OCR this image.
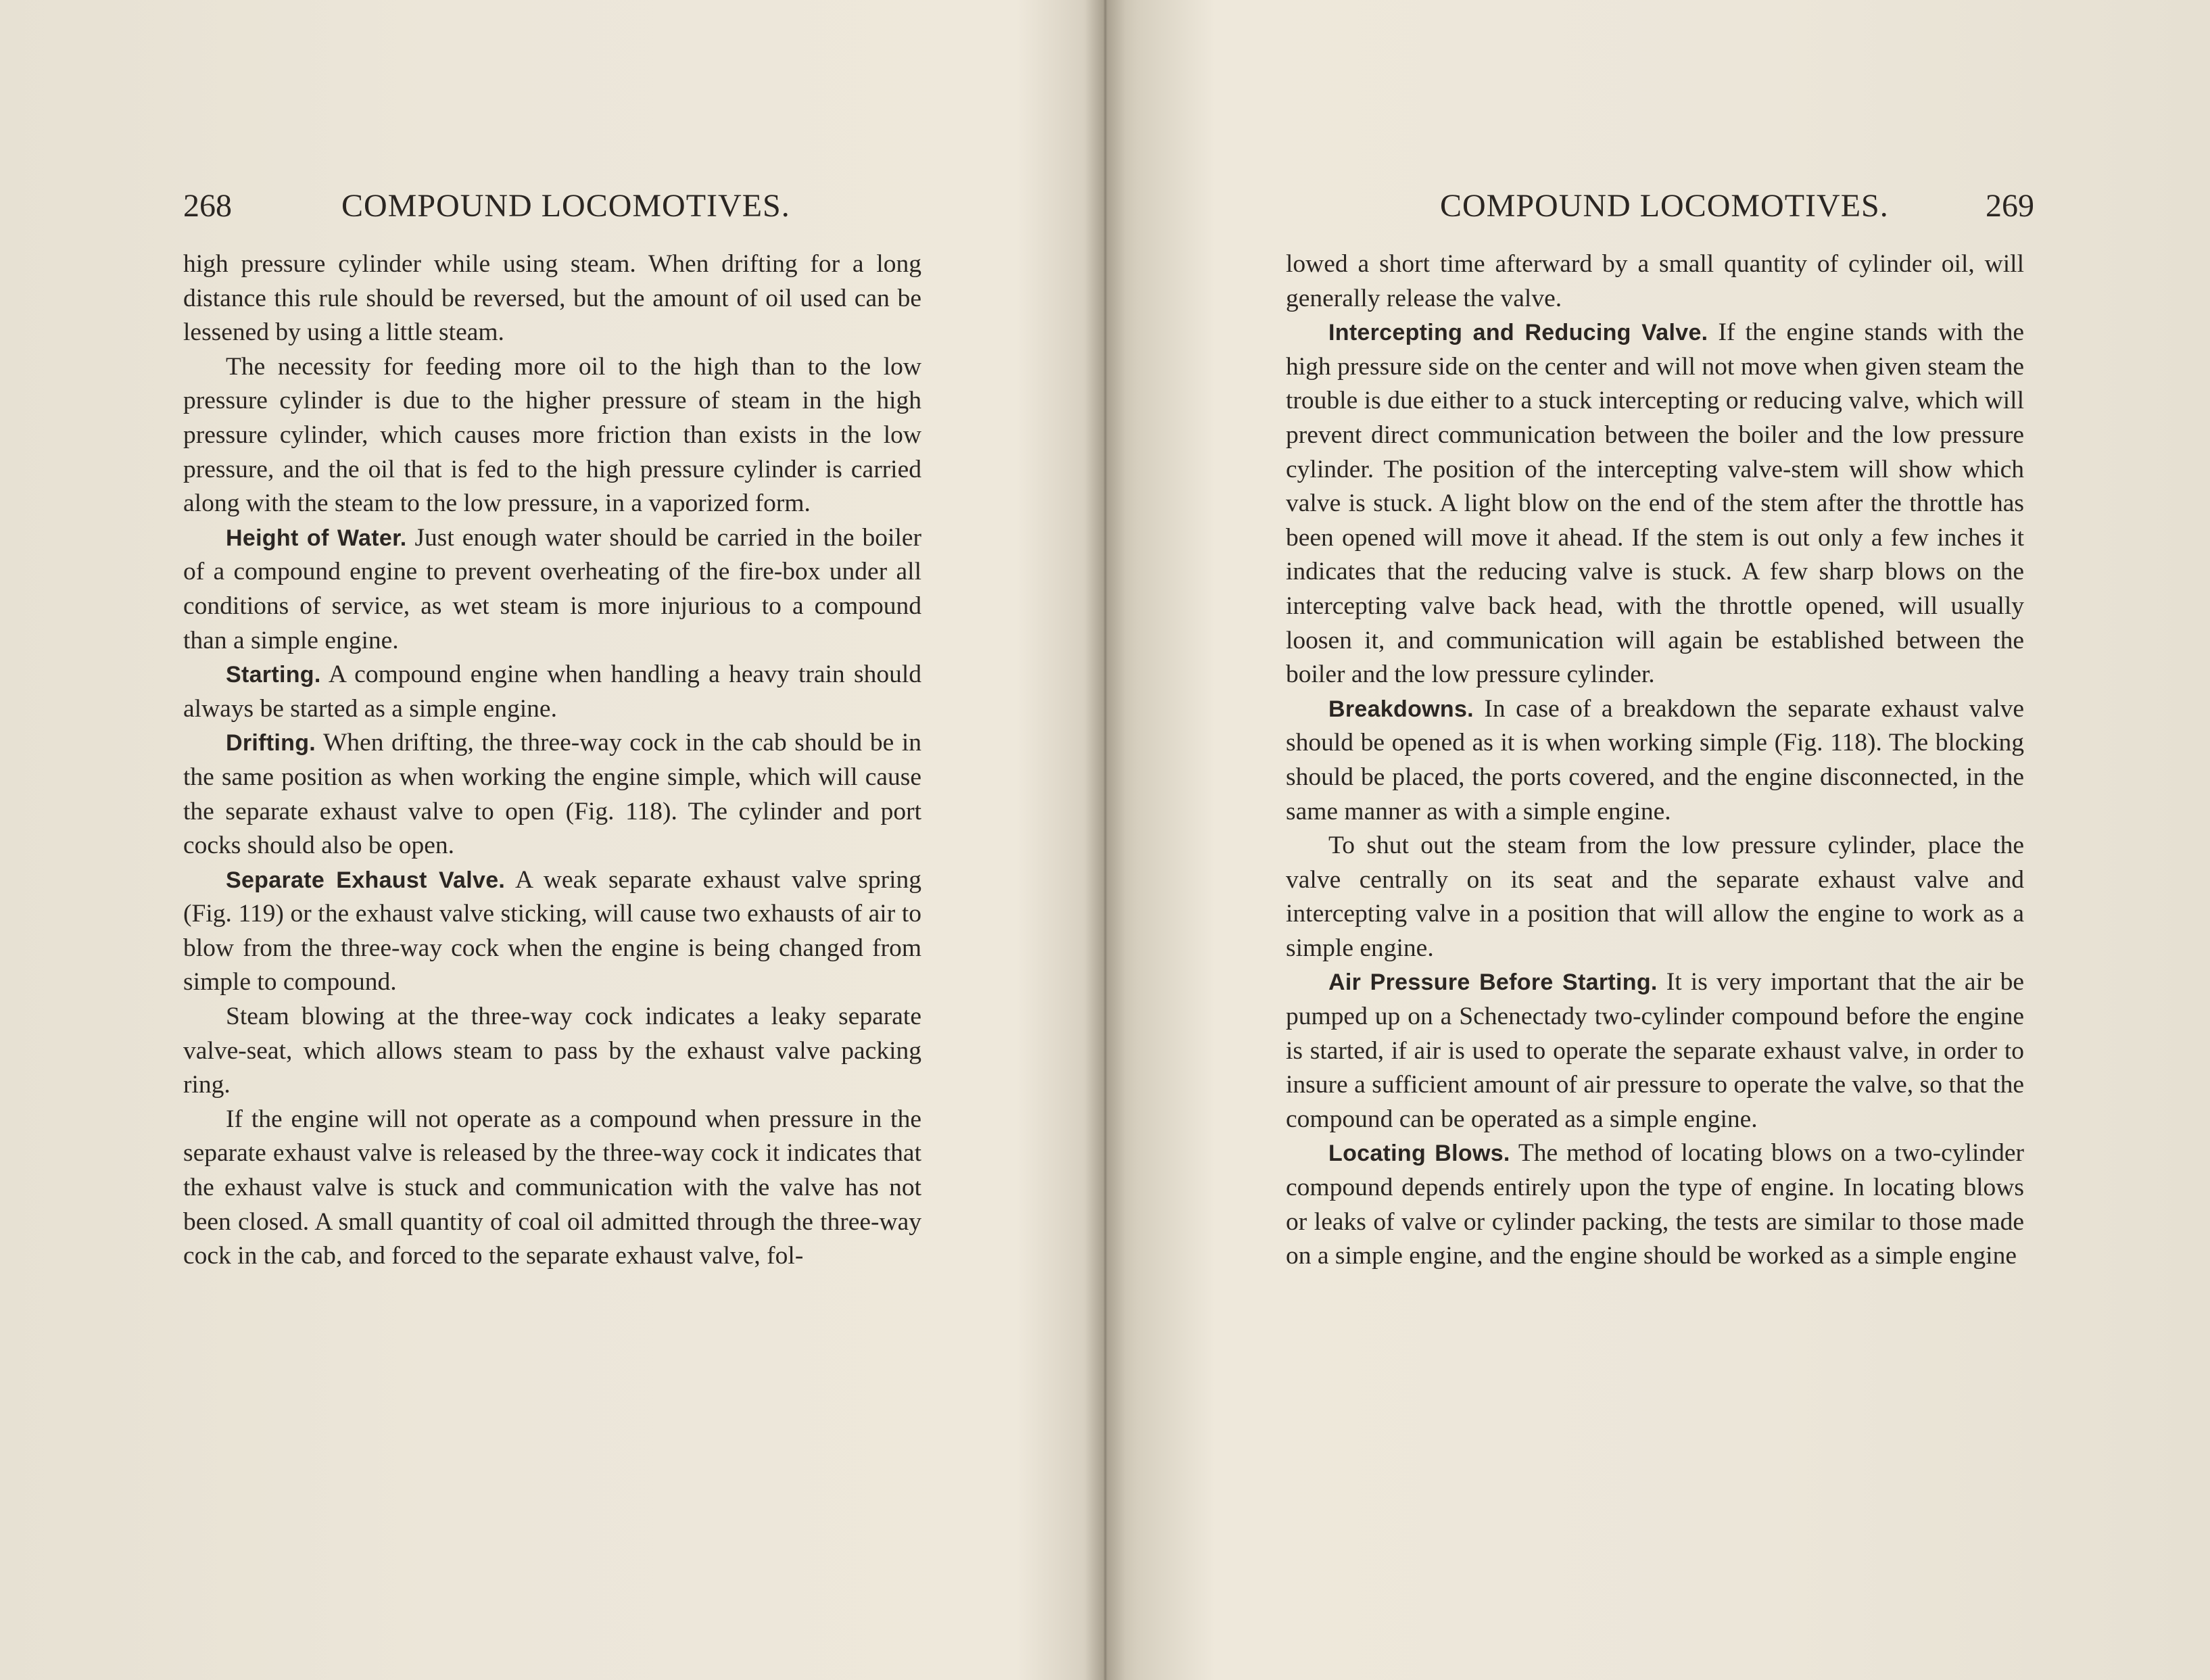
268	COMPOUND LOCOMOTIVES.

high pressure cylinder while using steam. When drifting for a long distance this rule should be reversed, but the amount of oil used can be lessened by using a little steam.

The necessity for feeding more oil to the high than to the low pressure cylinder is due to the higher pressure of steam in the high pressure cylinder, which causes more friction than exists in the low pressure, and the oil that is fed to the high pressure cylinder is carried along with the steam to the low pressure, in a vaporized form.

Height of Water. Just enough water should be carried in the boiler of a compound engine to prevent overheating of the fire-box under all conditions of service, as wet steam is more injurious to a compound than a simple engine.

Starting. A compound engine when handling a heavy train should always be started as a simple engine.

Drifting. When drifting, the three-way cock in the cab should be in the same position as when working the engine simple, which will cause the separate exhaust valve to open (Fig. 118). The cylinder and port cocks should also be open.

Separate Exhaust Valve. A weak separate exhaust valve spring (Fig. 119) or the exhaust valve sticking, will cause two exhausts of air to blow from the three-way cock when the engine is being changed from simple to compound.

Steam blowing at the three-way cock indicates a leaky separate valve-seat, which allows steam to pass by the exhaust valve packing ring.

If the engine will not operate as a compound when pressure in the separate exhaust valve is released by the three-way cock it indicates that the exhaust valve is stuck and communication with the valve has not been closed. A small quantity of coal oil admitted through the three-way cock in the cab, and forced to the separate exhaust valve, fol-

COMPOUND LOCOMOTIVES.	269

lowed a short time afterward by a small quantity of cylinder oil, will generally release the valve.

Intercepting and Reducing Valve. If the engine stands with the high pressure side on the center and will not move when given steam the trouble is due either to a stuck intercepting or reducing valve, which will prevent direct communication between the boiler and the low pressure cylinder. The position of the intercepting valve-stem will show which valve is stuck. A light blow on the end of the stem after the throttle has been opened will move it ahead. If the stem is out only a few inches it indicates that the reducing valve is stuck. A few sharp blows on the intercepting valve back head, with the throttle opened, will usually loosen it, and communication will again be established between the boiler and the low pressure cylinder.

Breakdowns. In case of a breakdown the separate exhaust valve should be opened as it is when working simple (Fig. 118). The blocking should be placed, the ports covered, and the engine disconnected, in the same manner as with a simple engine.

To shut out the steam from the low pressure cylinder, place the valve centrally on its seat and the separate exhaust valve and intercepting valve in a position that will allow the engine to work as a simple engine.

Air Pressure Before Starting. It is very important that the air be pumped up on a Schenectady two-cylinder compound before the engine is started, if air is used to operate the separate exhaust valve, in order to insure a sufficient amount of air pressure to operate the valve, so that the compound can be operated as a simple engine.

Locating Blows. The method of locating blows on a two-cylinder compound depends entirely upon the type of engine. In locating blows or leaks of valve or cylinder packing, the tests are similar to those made on a simple engine, and the engine should be worked as a simple engine
